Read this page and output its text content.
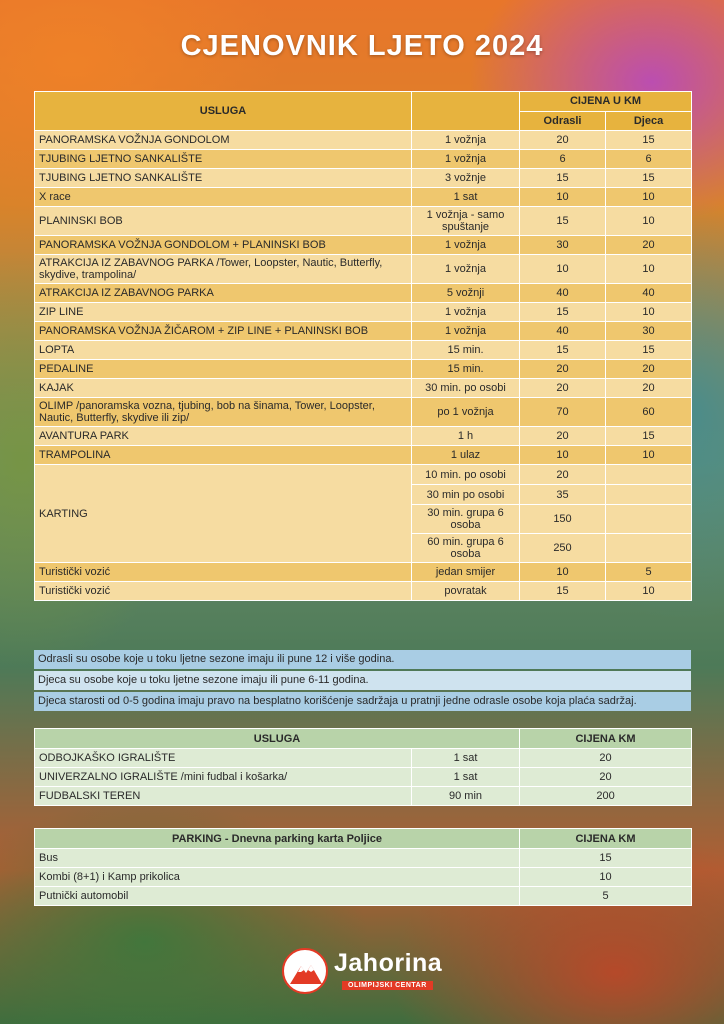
CJENOVNIK LJETO 2024
USLUGA		CIJENA U KM	
		Odrasli	Djeca
PANORAMSKA VOŽNJA GONDOLOM	1 vožnja	20	15
TJUBING LJETNO SANKALIŠTE	1 vožnja	6	6
TJUBING LJETNO SANKALIŠTE	3 vožnje	15	15
X race	1 sat	10	10
PLANINSKI BOB	1 vožnja - samo spuštanje	15	10
PANORAMSKA VOŽNJA GONDOLOM + PLANINSKI BOB	1 vožnja	30	20
ATRAKCIJA IZ ZABAVNOG PARKA /Tower, Loopster, Nautic, Butterfly, skydive, trampolina/	1 vožnja	10	10
ATRAKCIJA IZ ZABAVNOG PARKA	5 vožnji	40	40
ZIP LINE	1 vožnja	15	10
PANORAMSKA VOŽNJA ŽIČAROM + ZIP LINE + PLANINSKI BOB	1 vožnja	40	30
LOPTA	15 min.	15	15
PEDALINE	15 min.	20	20
KAJAK	30 min. po osobi	20	20
OLIMP /panoramska vozna, tjubing, bob na šinama, Tower, Loopster, Nautic, Butterfly, skydive ili zip/	po 1 vožnja	70	60
AVANTURA PARK	1 h	20	15
TRAMPOLINA	1 ulaz	10	10
KARTING	10 min. po osobi	20	
	30 min po osobi	35	
	30 min. grupa 6 osoba	150	
	60 min. grupa 6 osoba	250	
Turistički vozić	jedan smijer	10	5
Turistički vozić	povratak	15	10
Odrasli su osobe koje u toku ljetne sezone imaju ili pune 12 i više godina.
Djeca su osobe koje u toku ljetne sezone imaju ili pune 6-11 godina.
Djeca starosti od 0-5 godina imaju pravo na besplatno korišćenje sadržaja u pratnji jedne odrasle osobe koja plaća sadržaj.
USLUGA		CIJENA KM
ODBOJKAŠKO IGRALIŠTE	1 sat	20
UNIVERZALNO IGRALIŠTE /mini fudbal i košarka/	1 sat	20
FUDBALSKI TEREN	90 min	200
PARKING - Dnevna parking karta Poljice	CIJENA KM
Bus	15
Kombi (8+1) i Kamp prikolica	10
Putnički automobil	5
Jahorina
OLIMPIJSKI CENTAR
